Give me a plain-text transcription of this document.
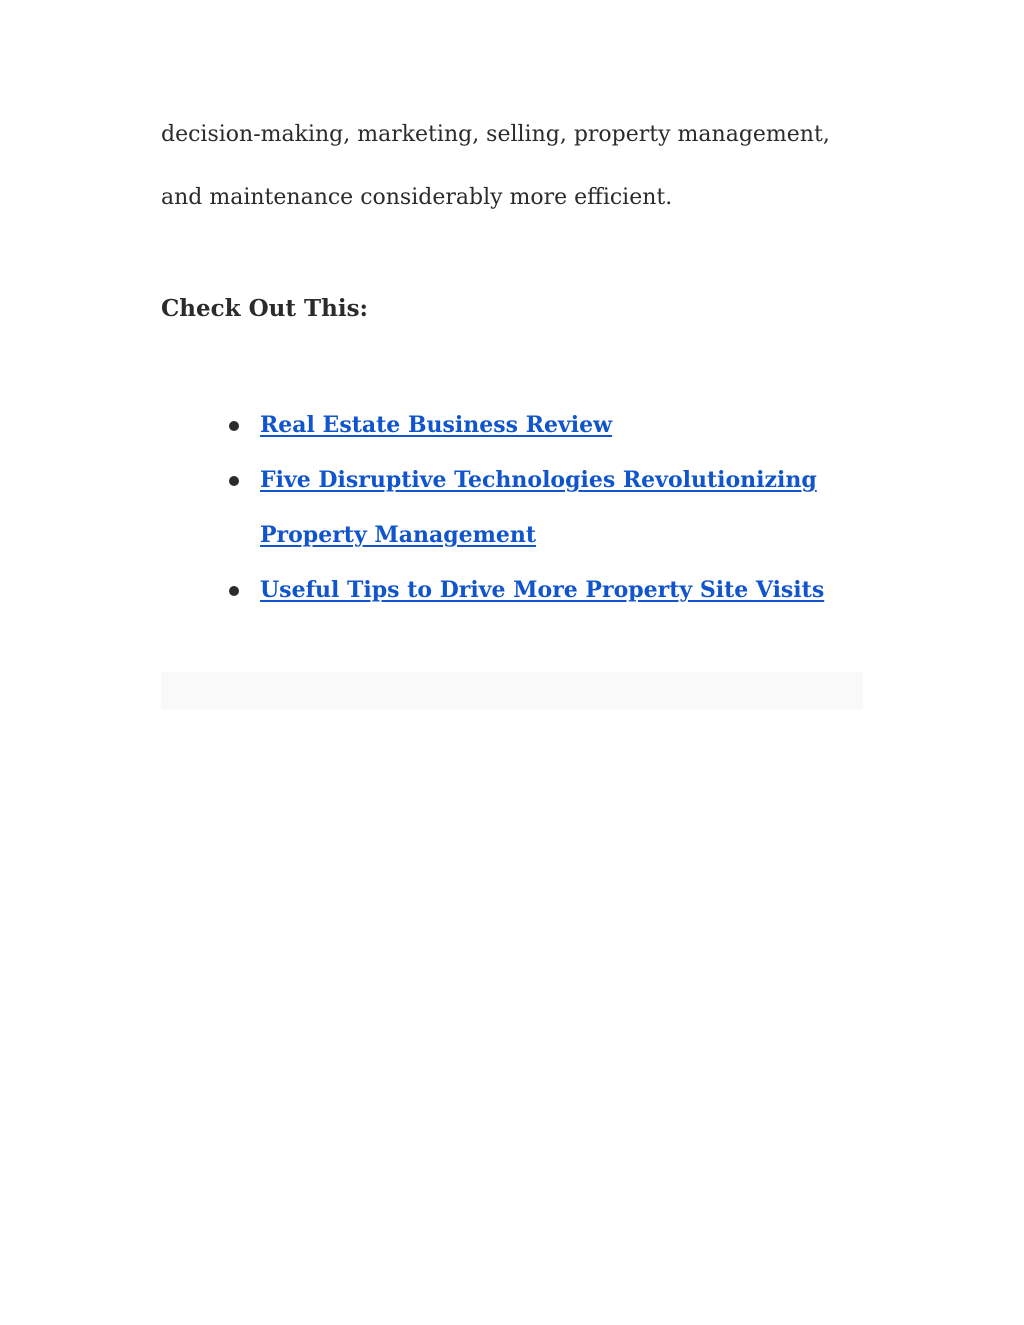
decision-making, marketing, selling, property management,
and maintenance considerably more efficient.
Check Out This:
Real Estate Business Review
Five Disruptive Technologies Revolutionizing
Property Management
Useful Tips to Drive More Property Site Visits
